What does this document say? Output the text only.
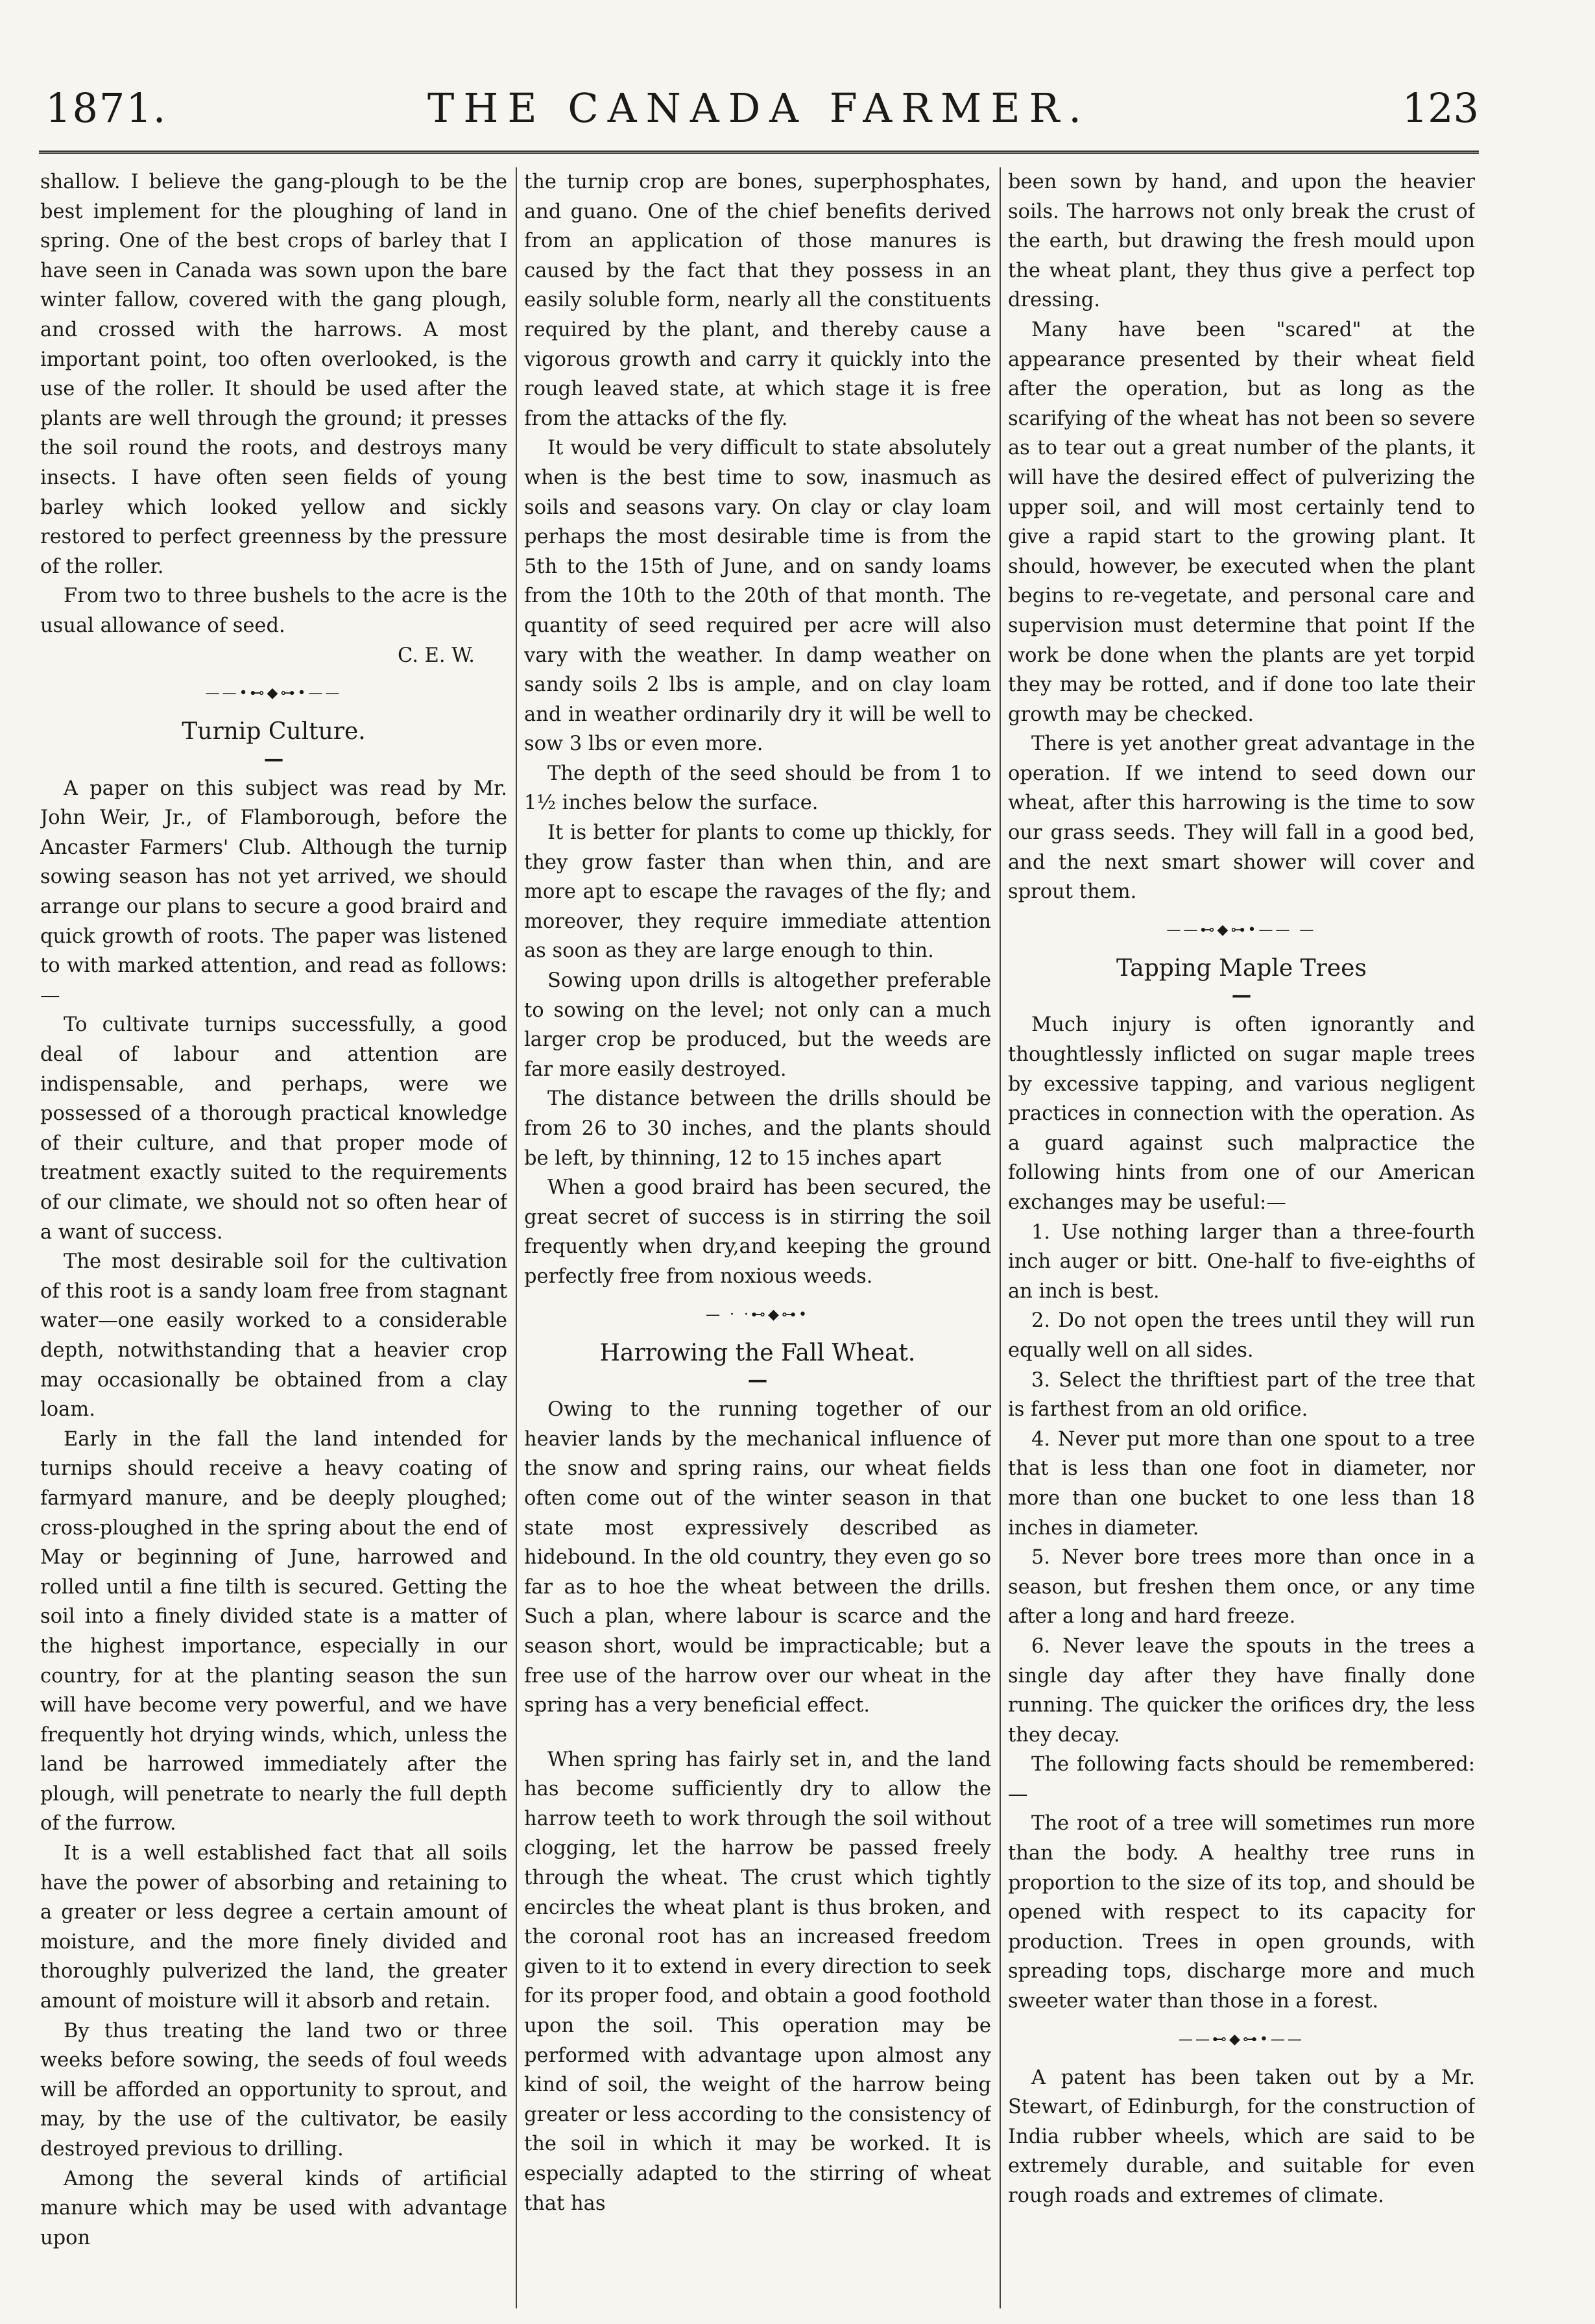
1871.	THE CANADA FARMER.	123

shallow. I believe the gang-plough to be the best implement for the ploughing of land in spring. One of the best crops of barley that I have seen in Canada was sown upon the bare winter fallow, covered with the gang plough, and crossed with the harrows. A most important point, too often overlooked, is the use of the roller. It should be used after the plants are well through the ground; it presses the soil round the roots, and destroys many insects. I have often seen fields of young barley which looked yellow and sickly restored to perfect greenness by the pressure of the roller.

From two to three bushels to the acre is the usual allowance of seed.

C. E. W.

——•⊷◆⊶•——
Turnip Culture.
—

A paper on this subject was read by Mr. John Weir, Jr., of Flamborough, before the Ancaster Farmers' Club. Although the turnip sowing season has not yet arrived, we should arrange our plans to secure a good braird and quick growth of roots. The paper was listened to with marked attention, and read as follows:—

To cultivate turnips successfully, a good deal of labour and attention are indispensable, and perhaps, were we possessed of a thorough practical knowledge of their culture, and that proper mode of treatment exactly suited to the requirements of our climate, we should not so often hear of a want of success.

The most desirable soil for the cultivation of this root is a sandy loam free from stagnant water—one easily worked to a considerable depth, notwithstanding that a heavier crop may occasionally be obtained from a clay loam.

Early in the fall the land intended for turnips should receive a heavy coating of farmyard manure, and be deeply ploughed; cross-ploughed in the spring about the end of May or beginning of June, harrowed and rolled until a fine tilth is secured. Getting the soil into a finely divided state is a matter of the highest importance, especially in our country, for at the planting season the sun will have become very powerful, and we have frequently hot drying winds, which, unless the land be harrowed immediately after the plough, will penetrate to nearly the full depth of the furrow.

It is a well established fact that all soils have the power of absorbing and retaining to a greater or less degree a certain amount of moisture, and the more finely divided and thoroughly pulverized the land, the greater amount of moisture will it absorb and retain.

By thus treating the land two or three weeks before sowing, the seeds of foul weeds will be afforded an opportunity to sprout, and may, by the use of the cultivator, be easily destroyed previous to drilling.

Among the several kinds of artificial manure which may be used with advantage upon

the turnip crop are bones, superphosphates, and guano. One of the chief benefits derived from an application of those manures is caused by the fact that they possess in an easily soluble form, nearly all the constituents required by the plant, and thereby cause a vigorous growth and carry it quickly into the rough leaved state, at which stage it is free from the attacks of the fly.

It would be very difficult to state absolutely when is the best time to sow, inasmuch as soils and seasons vary. On clay or clay loam perhaps the most desirable time is from the 5th to the 15th of June, and on sandy loams from the 10th to the 20th of that month. The quantity of seed required per acre will also vary with the weather. In damp weather on sandy soils 2 lbs is ample, and on clay loam and in weather ordinarily dry it will be well to sow 3 lbs or even more.

The depth of the seed should be from 1 to 1½ inches below the surface.

It is better for plants to come up thickly, for they grow faster than when thin, and are more apt to escape the ravages of the fly; and moreover, they require immediate attention as soon as they are large enough to thin.

Sowing upon drills is altogether preferable to sowing on the level; not only can a much larger crop be produced, but the weeds are far more easily destroyed.

The distance between the drills should be from 26 to 30 inches, and the plants should be left, by thinning, 12 to 15 inches apart

When a good braird has been secured, the great secret of success is in stirring the soil frequently when dry,and keeping the ground perfectly free from noxious weeds.

— · ·⊷◆⊶•
Harrowing the Fall Wheat.
—

Owing to the running together of our heavier lands by the mechanical influence of the snow and spring rains, our wheat fields often come out of the winter season in that state most expressively described as hidebound. In the old country, they even go so far as to hoe the wheat between the drills. Such a plan, where labour is scarce and the season short, would be impracticable; but a free use of the harrow over our wheat in the spring has a very beneficial effect.

When spring has fairly set in, and the land has become sufficiently dry to allow the harrow teeth to work through the soil without clogging, let the harrow be passed freely through the wheat. The crust which tightly encircles the wheat plant is thus broken, and the coronal root has an increased freedom given to it to extend in every direction to seek for its proper food, and obtain a good foothold upon the soil. This operation may be performed with advantage upon almost any kind of soil, the weight of the harrow being greater or less according to the consistency of the soil in which it may be worked. It is especially adapted to the stirring of wheat that has

been sown by hand, and upon the heavier soils. The harrows not only break the crust of the earth, but drawing the fresh mould upon the wheat plant, they thus give a perfect top dressing.

Many have been "scared" at the appearance presented by their wheat field after the operation, but as long as the scarifying of the wheat has not been so severe as to tear out a great number of the plants, it will have the desired effect of pulverizing the upper soil, and will most certainly tend to give a rapid start to the growing plant. It should, however, be executed when the plant begins to re-vegetate, and personal care and supervision must determine that point If the work be done when the plants are yet torpid they may be rotted, and if done too late their growth may be checked.

There is yet another great advantage in the operation. If we intend to seed down our wheat, after this harrowing is the time to sow our grass seeds. They will fall in a good bed, and the next smart shower will cover and sprout them.

——⊷◆⊶•—— —
Tapping Maple Trees
—

Much injury is often ignorantly and thoughtlessly inflicted on sugar maple trees by excessive tapping, and various negligent practices in connection with the operation. As a guard against such malpractice the following hints from one of our American exchanges may be useful:—

1. Use nothing larger than a three-fourth inch auger or bitt. One-half to five-eighths of an inch is best.

2. Do not open the trees until they will run equally well on all sides.

3. Select the thriftiest part of the tree that is farthest from an old orifice.

4. Never put more than one spout to a tree that is less than one foot in diameter, nor more than one bucket to one less than 18 inches in diameter.

5. Never bore trees more than once in a season, but freshen them once, or any time after a long and hard freeze.

6. Never leave the spouts in the trees a single day after they have finally done running. The quicker the orifices dry, the less they decay.

The following facts should be remembered:—

The root of a tree will sometimes run more than the body. A healthy tree runs in proportion to the size of its top, and should be opened with respect to its capacity for production. Trees in open grounds, with spreading tops, discharge more and much sweeter water than those in a forest.

——⊷◆⊶•——

A patent has been taken out by a Mr. Stewart, of Edinburgh, for the construction of India rubber wheels, which are said to be extremely durable, and suitable for even rough roads and extremes of climate.
